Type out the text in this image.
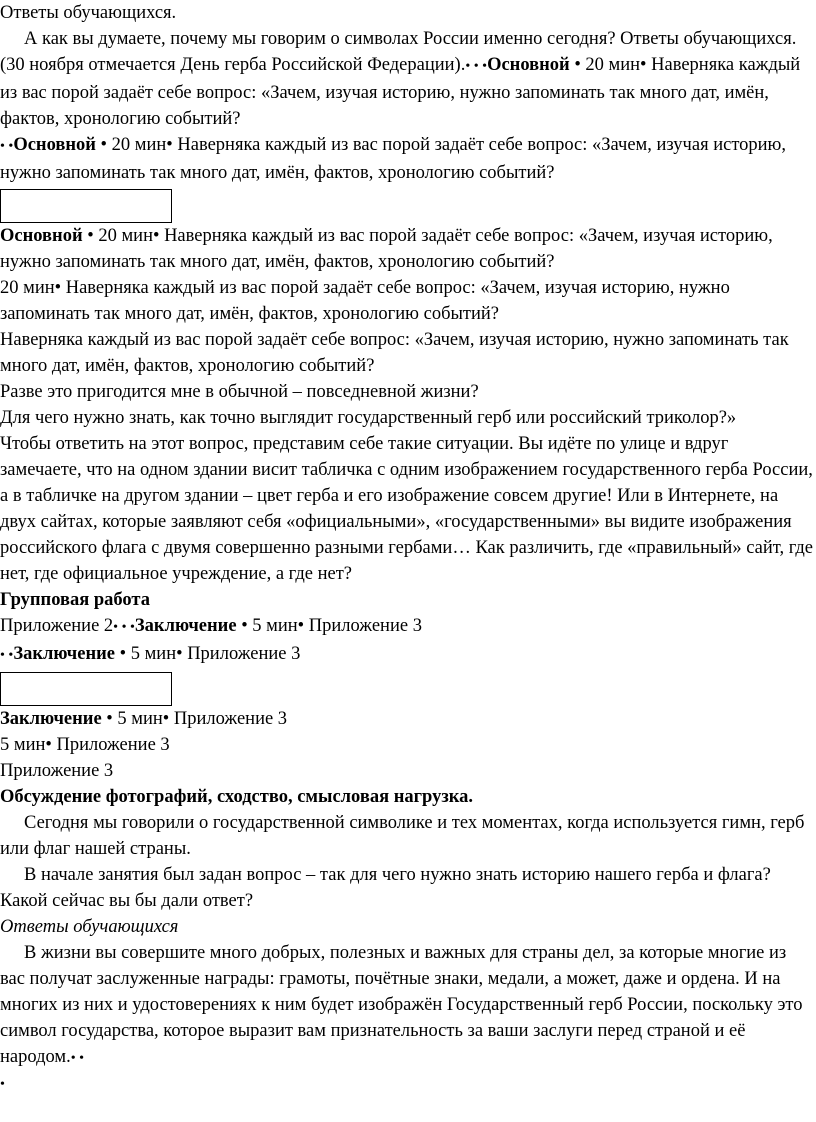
Ответы обучающихся.

А как вы думаете, почему мы говорим о символах России именно сегодня? Ответы обучающихся. (30 ноября отмечается День герба Российской Федерации).• • •Основной • 20 мин• Наверняка каждый из вас порой задаёт себе вопрос: «Зачем, изучая историю, нужно запоминать так много дат, имён, фактов, хронологию событий?

• •Основной • 20 мин• Наверняка каждый из вас порой задаёт себе вопрос: «Зачем, изучая историю, нужно запоминать так много дат, имён, фактов, хронологию событий?

Основной • 20 мин• Наверняка каждый из вас порой задаёт себе вопрос: «Зачем, изучая историю, нужно запоминать так много дат, имён, фактов, хронологию событий?

20 мин• Наверняка каждый из вас порой задаёт себе вопрос: «Зачем, изучая историю, нужно запоминать так много дат, имён, фактов, хронологию событий?

Наверняка каждый из вас порой задаёт себе вопрос: «Зачем, изучая историю, нужно запоминать так много дат, имён, фактов, хронологию событий?

Разве это пригодится мне в обычной – повседневной жизни?

Для чего нужно знать, как точно выглядит государственный герб или российский триколор?»

Чтобы ответить на этот вопрос, представим себе такие ситуации. Вы идёте по улице и вдруг замечаете, что на одном здании висит табличка с одним изображением государственного герба России, а в табличке на другом здании – цвет герба и его изображение совсем другие! Или в Интернете, на двух сайтах, которые заявляют себя «официальными», «государственными» вы видите изображения российского флага с двумя совершенно разными гербами… Как различить, где «правильный» сайт, где нет, где официальное учреждение, а где нет?

Групповая работа

Приложение 2• • •Заключение • 5 мин• Приложение 3

• •Заключение • 5 мин• Приложение 3

Заключение • 5 мин• Приложение 3

5 мин• Приложение 3

Приложение 3

Обсуждение фотографий, сходство, смысловая нагрузка.

Сегодня мы говорили о государственной символике и тех моментах, когда используется гимн, герб или флаг нашей страны.

В начале занятия был задан вопрос – так для чего нужно знать историю нашего герба и флага?

Какой сейчас вы бы дали ответ?

Ответы обучающихся

В жизни вы совершите много добрых, полезных и важных для страны дел, за которые многие из вас получат заслуженные награды: грамоты, почётные знаки, медали, а может, даже и ордена. И на многих из них и удостоверениях к ним будет изображён Государственный герб России, поскольку это символ государства, которое выразит вам признательность за ваши заслуги перед страной и её народом.• •

•
